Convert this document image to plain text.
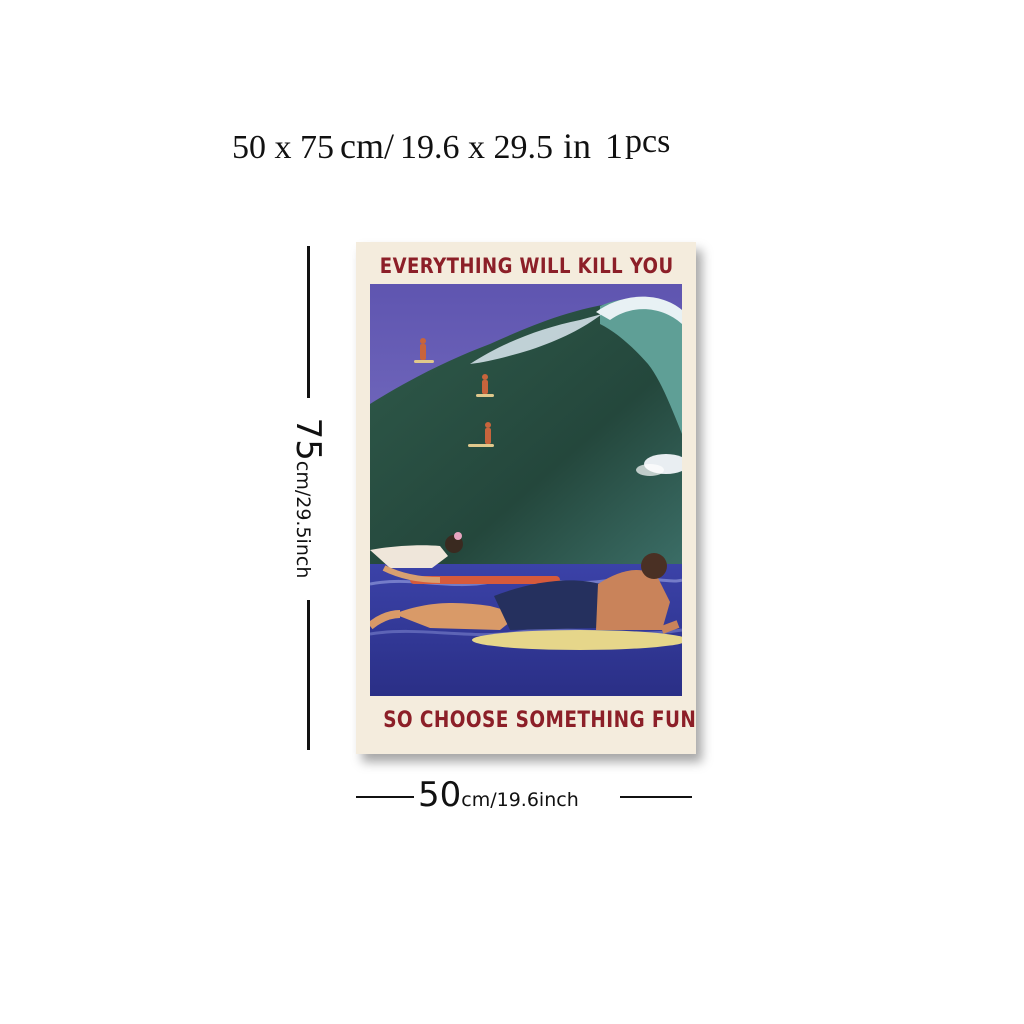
50 x 75 cm/ 19.6 x 29.5 in 1pcs
EVERYTHING WILL KILL YOU
SO CHOOSE SOMETHING FUN
75cm/29.5inch
50cm/19.6inch
